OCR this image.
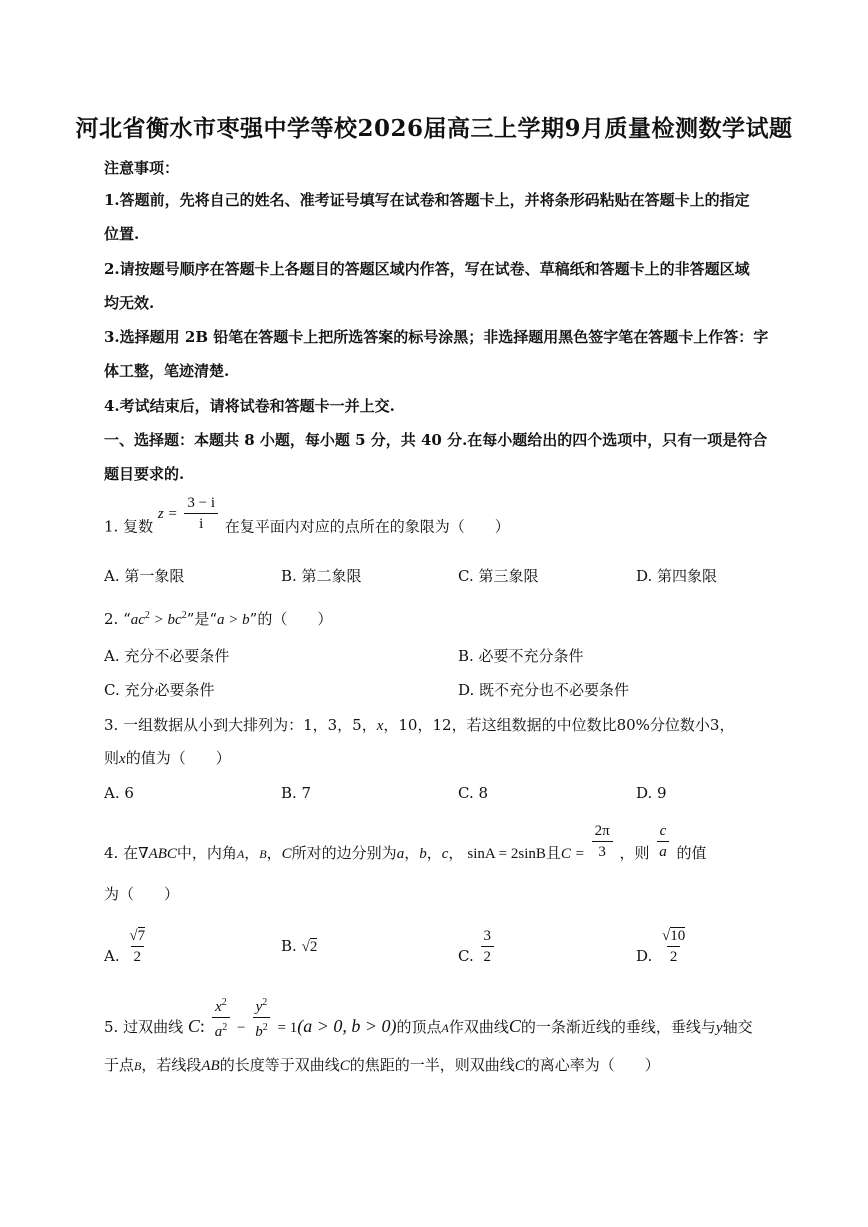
河北省衡水市枣强中学等校2026届高三上学期9月质量检测数学试题
注意事项：
1.答题前，先将自己的姓名、准考证号填写在试卷和答题卡上，并将条形码粘贴在答题卡上的指定
位置.
2.请按题号顺序在答题卡上各题目的答题区域内作答，写在试卷、草稿纸和答题卡上的非答题区域
均无效.
3.选择题用 2B 铅笔在答题卡上把所选答案的标号涂黑；非选择题用黑色签字笔在答题卡上作答：字
体工整，笔迹清楚.
4.考试结束后，请将试卷和答题卡一并上交.
一、选择题：本题共 8 小题，每小题 5 分，共 40 分.在每小题给出的四个选项中，只有一项是符合
题目要求的.
1. 复数 $z = \frac{3 - i}{i}$ 在复平面内对应的点所在的象限为（　　）
A. 第一象限	B. 第二象限	C. 第三象限	D. 第四象限
2. “$ac^2 > bc^2$”是“a > b”的（　　）
A. 充分不必要条件	B. 必要不充分条件
C. 充分必要条件	D. 既不充分也不必要条件
3. 一组数据从小到大排列为：1，3，5，x，10，12，若这组数据的中位数比80%分位数小3，
则x的值为（　　）
A. 6	B. 7	C. 8	D. 9
4. 在∇ABC中，内角A，B，C所对的边分别为a，b，c， sinA = 2sinB且$C = \frac{2\pi}{3}$ ，则 $\frac{c}{a}$ 的值
为（　　）
A. $\frac{√7}{2}$	B. √2	C. $\frac{3}{2}$	D. $\frac{√10}{2}$
5. 过双曲线 C: $\frac{x^2}{a^2} - \frac{y^2}{b^2} = 1(a > 0$, b > 0)的顶点$_A$作双曲线C的一条渐近线的垂线，垂线与y轴交
于点B，若线段AB的长度等于双曲线C的焦距的一半，则双曲线C的离心率为（　　）
